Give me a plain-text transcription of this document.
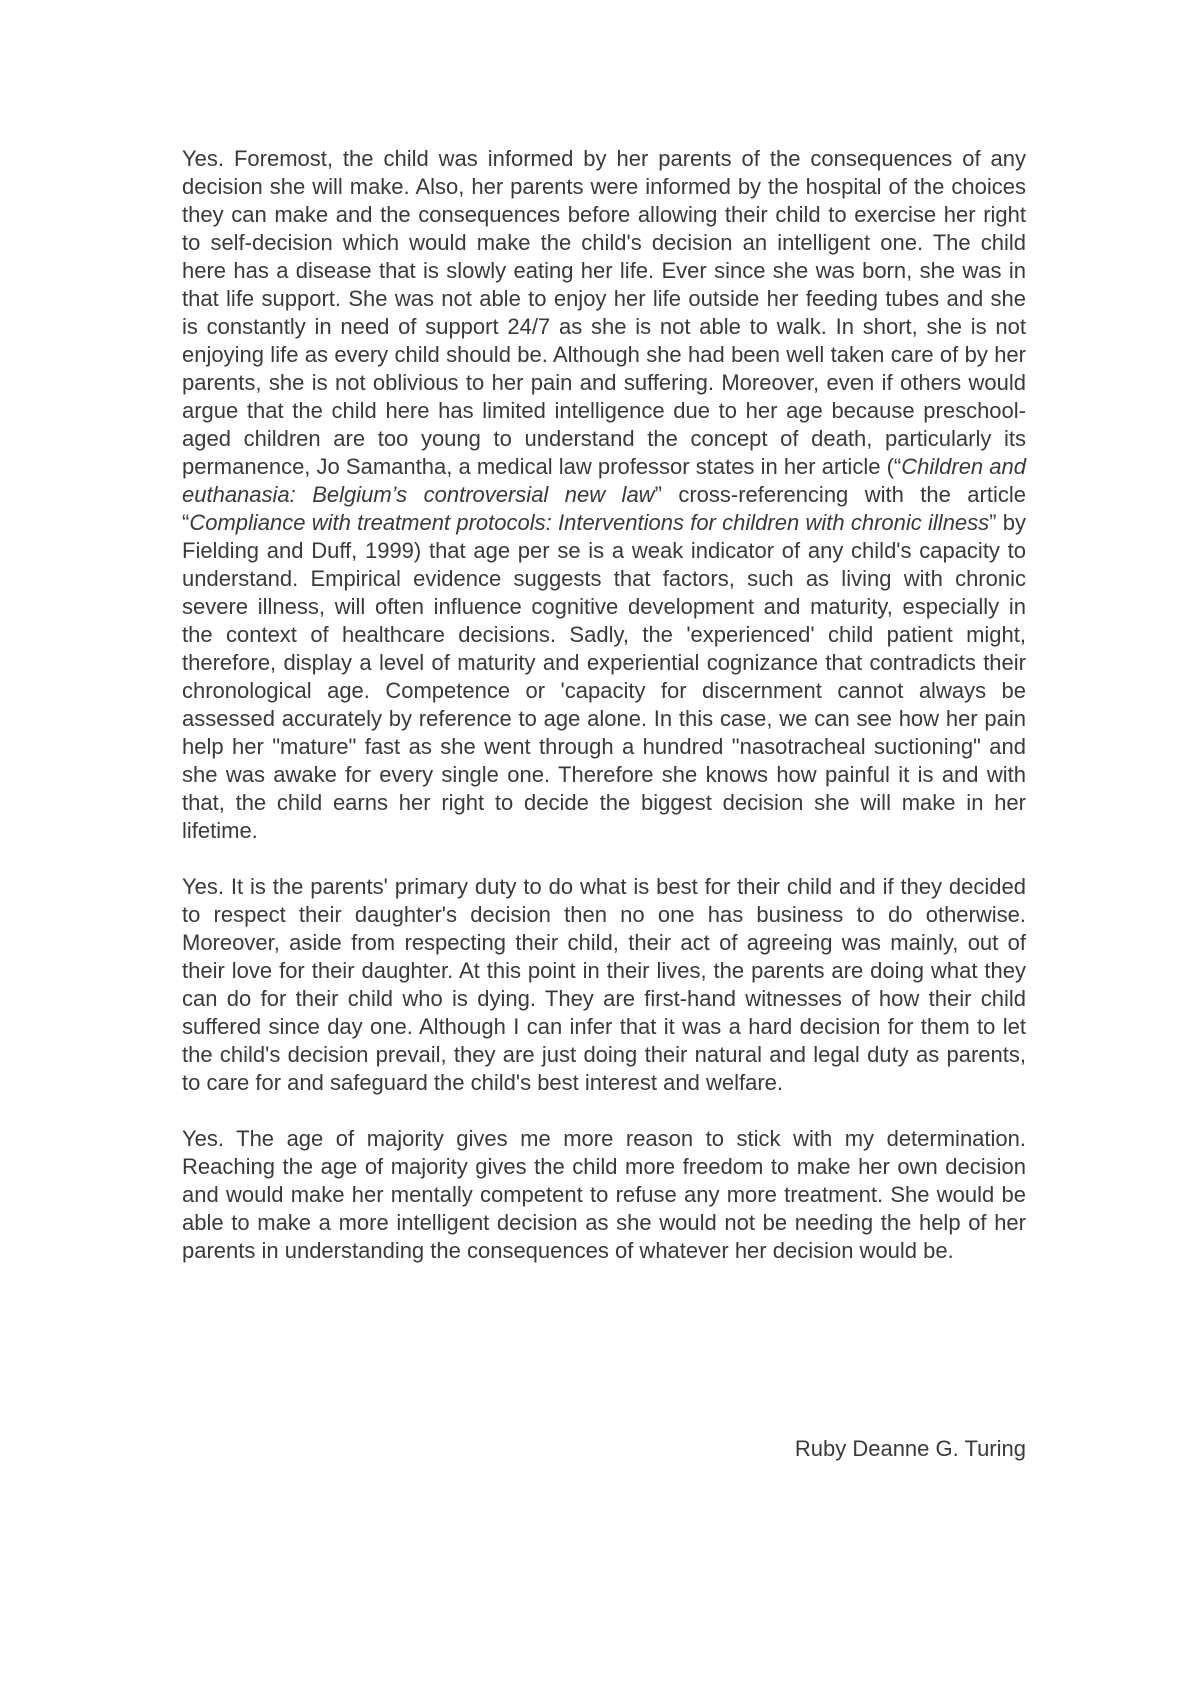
Yes. Foremost, the child was informed by her parents of the consequences of any decision she will make. Also, her parents were informed by the hospital of the choices they can make and the consequences before allowing their child to exercise her right to self-decision which would make the child's decision an intelligent one. The child here has a disease that is slowly eating her life. Ever since she was born, she was in that life support. She was not able to enjoy her life outside her feeding tubes and she is constantly in need of support 24/7 as she is not able to walk. In short, she is not enjoying life as every child should be. Although she had been well taken care of by her parents, she is not oblivious to her pain and suffering. Moreover, even if others would argue that the child here has limited intelligence due to her age because preschool-aged children are too young to understand the concept of death, particularly its permanence, Jo Samantha, a medical law professor states in her article (“Children and euthanasia: Belgium’s controversial new law” cross-referencing with the article “Compliance with treatment protocols: Interventions for children with chronic illness” by Fielding and Duff, 1999) that age per se is a weak indicator of any child's capacity to understand. Empirical evidence suggests that factors, such as living with chronic severe illness, will often influence cognitive development and maturity, especially in the context of healthcare decisions. Sadly, the 'experienced' child patient might, therefore, display a level of maturity and experiential cognizance that contradicts their chronological age. Competence or 'capacity for discernment cannot always be assessed accurately by reference to age alone. In this case, we can see how her pain help her "mature" fast as she went through a hundred "nasotracheal suctioning" and she was awake for every single one. Therefore she knows how painful it is and with that, the child earns her right to decide the biggest decision she will make in her lifetime.

Yes. It is the parents' primary duty to do what is best for their child and if they decided to respect their daughter's decision then no one has business to do otherwise. Moreover, aside from respecting their child, their act of agreeing was mainly, out of their love for their daughter. At this point in their lives, the parents are doing what they can do for their child who is dying. They are first-hand witnesses of how their child suffered since day one. Although I can infer that it was a hard decision for them to let the child's decision prevail, they are just doing their natural and legal duty as parents, to care for and safeguard the child's best interest and welfare.

Yes. The age of majority gives me more reason to stick with my determination. Reaching the age of majority gives the child more freedom to make her own decision and would make her mentally competent to refuse any more treatment. She would be able to make a more intelligent decision as she would not be needing the help of her parents in understanding the consequences of whatever her decision would be.

Ruby Deanne G. Turing
